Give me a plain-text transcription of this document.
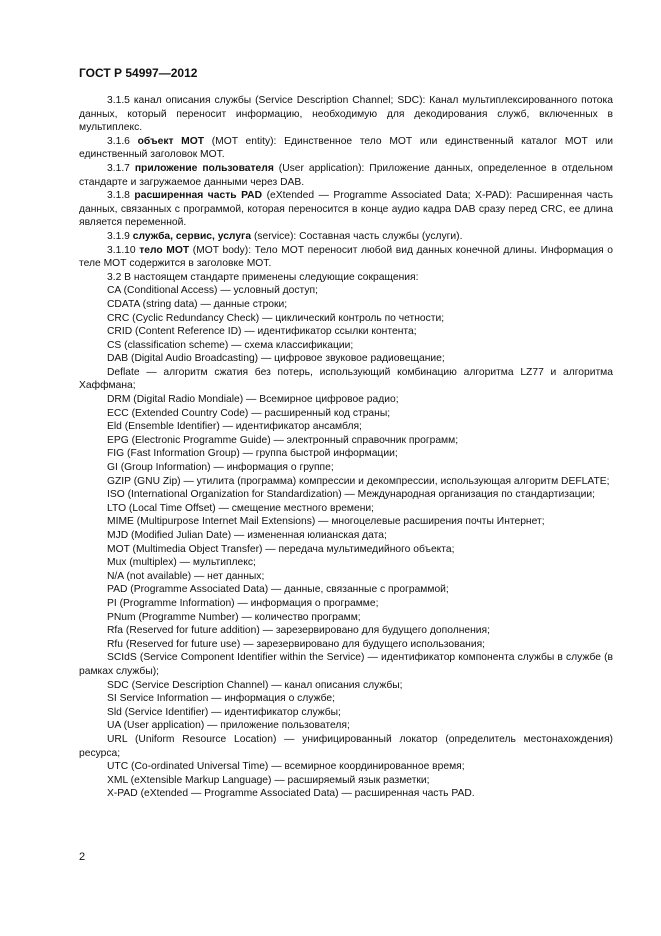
ГОСТ Р 54997—2012

3.1.5 канал описания службы (Service Description Channel; SDC): Канал мультиплексированного потока данных, который переносит информацию, необходимую для декодирования служб, включенных в мультиплекс.

3.1.6 объект МОТ (MOT entity): Единственное тело МОТ или единственный каталог МОТ или единственный заголовок МОТ.

3.1.7 приложение пользователя (User application): Приложение данных, определенное в отдельном стандарте и загружаемое данными через DAB.

3.1.8 расширенная часть PAD (eXtended — Programme Associated Data; X-PAD): Расширенная часть данных, связанных с программой, которая переносится в конце аудио кадра DAB сразу перед CRC, ее длина является переменной.

3.1.9 служба, сервис, услуга (service): Составная часть службы (услуги).

3.1.10 тело МОТ (MOT body): Тело МОТ переносит любой вид данных конечной длины. Информация о теле МОТ содержится в заголовке МОТ.

3.2 В настоящем стандарте применены следующие сокращения:

CA (Conditional Access) — условный доступ;

CDATA (string data) — данные строки;

CRC (Cyclic Redundancy Check) — циклический контроль по четности;

CRID (Content Reference ID) — идентификатор ссылки контента;

CS (classification scheme) — схема классификации;

DAB (Digital Audio Broadcasting) — цифровое звуковое радиовещание;

Deflate — алгоритм сжатия без потерь, использующий комбинацию алгоритма LZ77 и алгоритма Хаффмана;

DRM (Digital Radio Mondiale) — Всемирное цифровое радио;

ECC (Extended Country Code) — расширенный код страны;

Eld (Ensemble Identifier) — идентификатор ансамбля;

EPG (Electronic Programme Guide) — электронный справочник программ;

FIG (Fast Information Group) — группа быстрой информации;

GI (Group Information) — информация о группе;

GZIP (GNU Zip) — утилита (программа) компрессии и декомпрессии, использующая алгоритм DEFLATE;

ISO (International Organization for Standardization) — Международная организация по стандартизации;

LTO (Local Time Offset) — смещение местного времени;

MIME (Multipurpose Internet Mail Extensions) — многоцелевые расширения почты Интернет;

MJD (Modified Julian Date) — измененная юлианская дата;

MOT (Multimedia Object Transfer) — передача мультимедийного объекта;

Mux (multiplex) — мультиплекс;

N/A (not available) — нет данных;

PAD (Programme Associated Data) — данные, связанные с программой;

PI (Programme Information) — информация о программе;

PNum (Programme Number) — количество программ;

Rfa (Reserved for future addition) — зарезервировано для будущего дополнения;

Rfu (Reserved for future use) — зарезервировано для будущего использования;

SCIdS (Service Component Identifier within the Service) — идентификатор компонента службы в службе (в рамках службы);

SDC (Service Description Channel) — канал описания службы;

SI Service Information — информация о службе;

Sld (Service Identifier) — идентификатор службы;

UA (User application) — приложение пользователя;

URL (Uniform Resource Location) — унифицированный локатор (определитель местонахождения) ресурса;

UTC (Co-ordinated Universal Time) — всемирное координированное время;

XML (eXtensible Markup Language) — расширяемый язык разметки;

X-PAD (eXtended — Programme Associated Data) — расширенная часть PAD.

2
